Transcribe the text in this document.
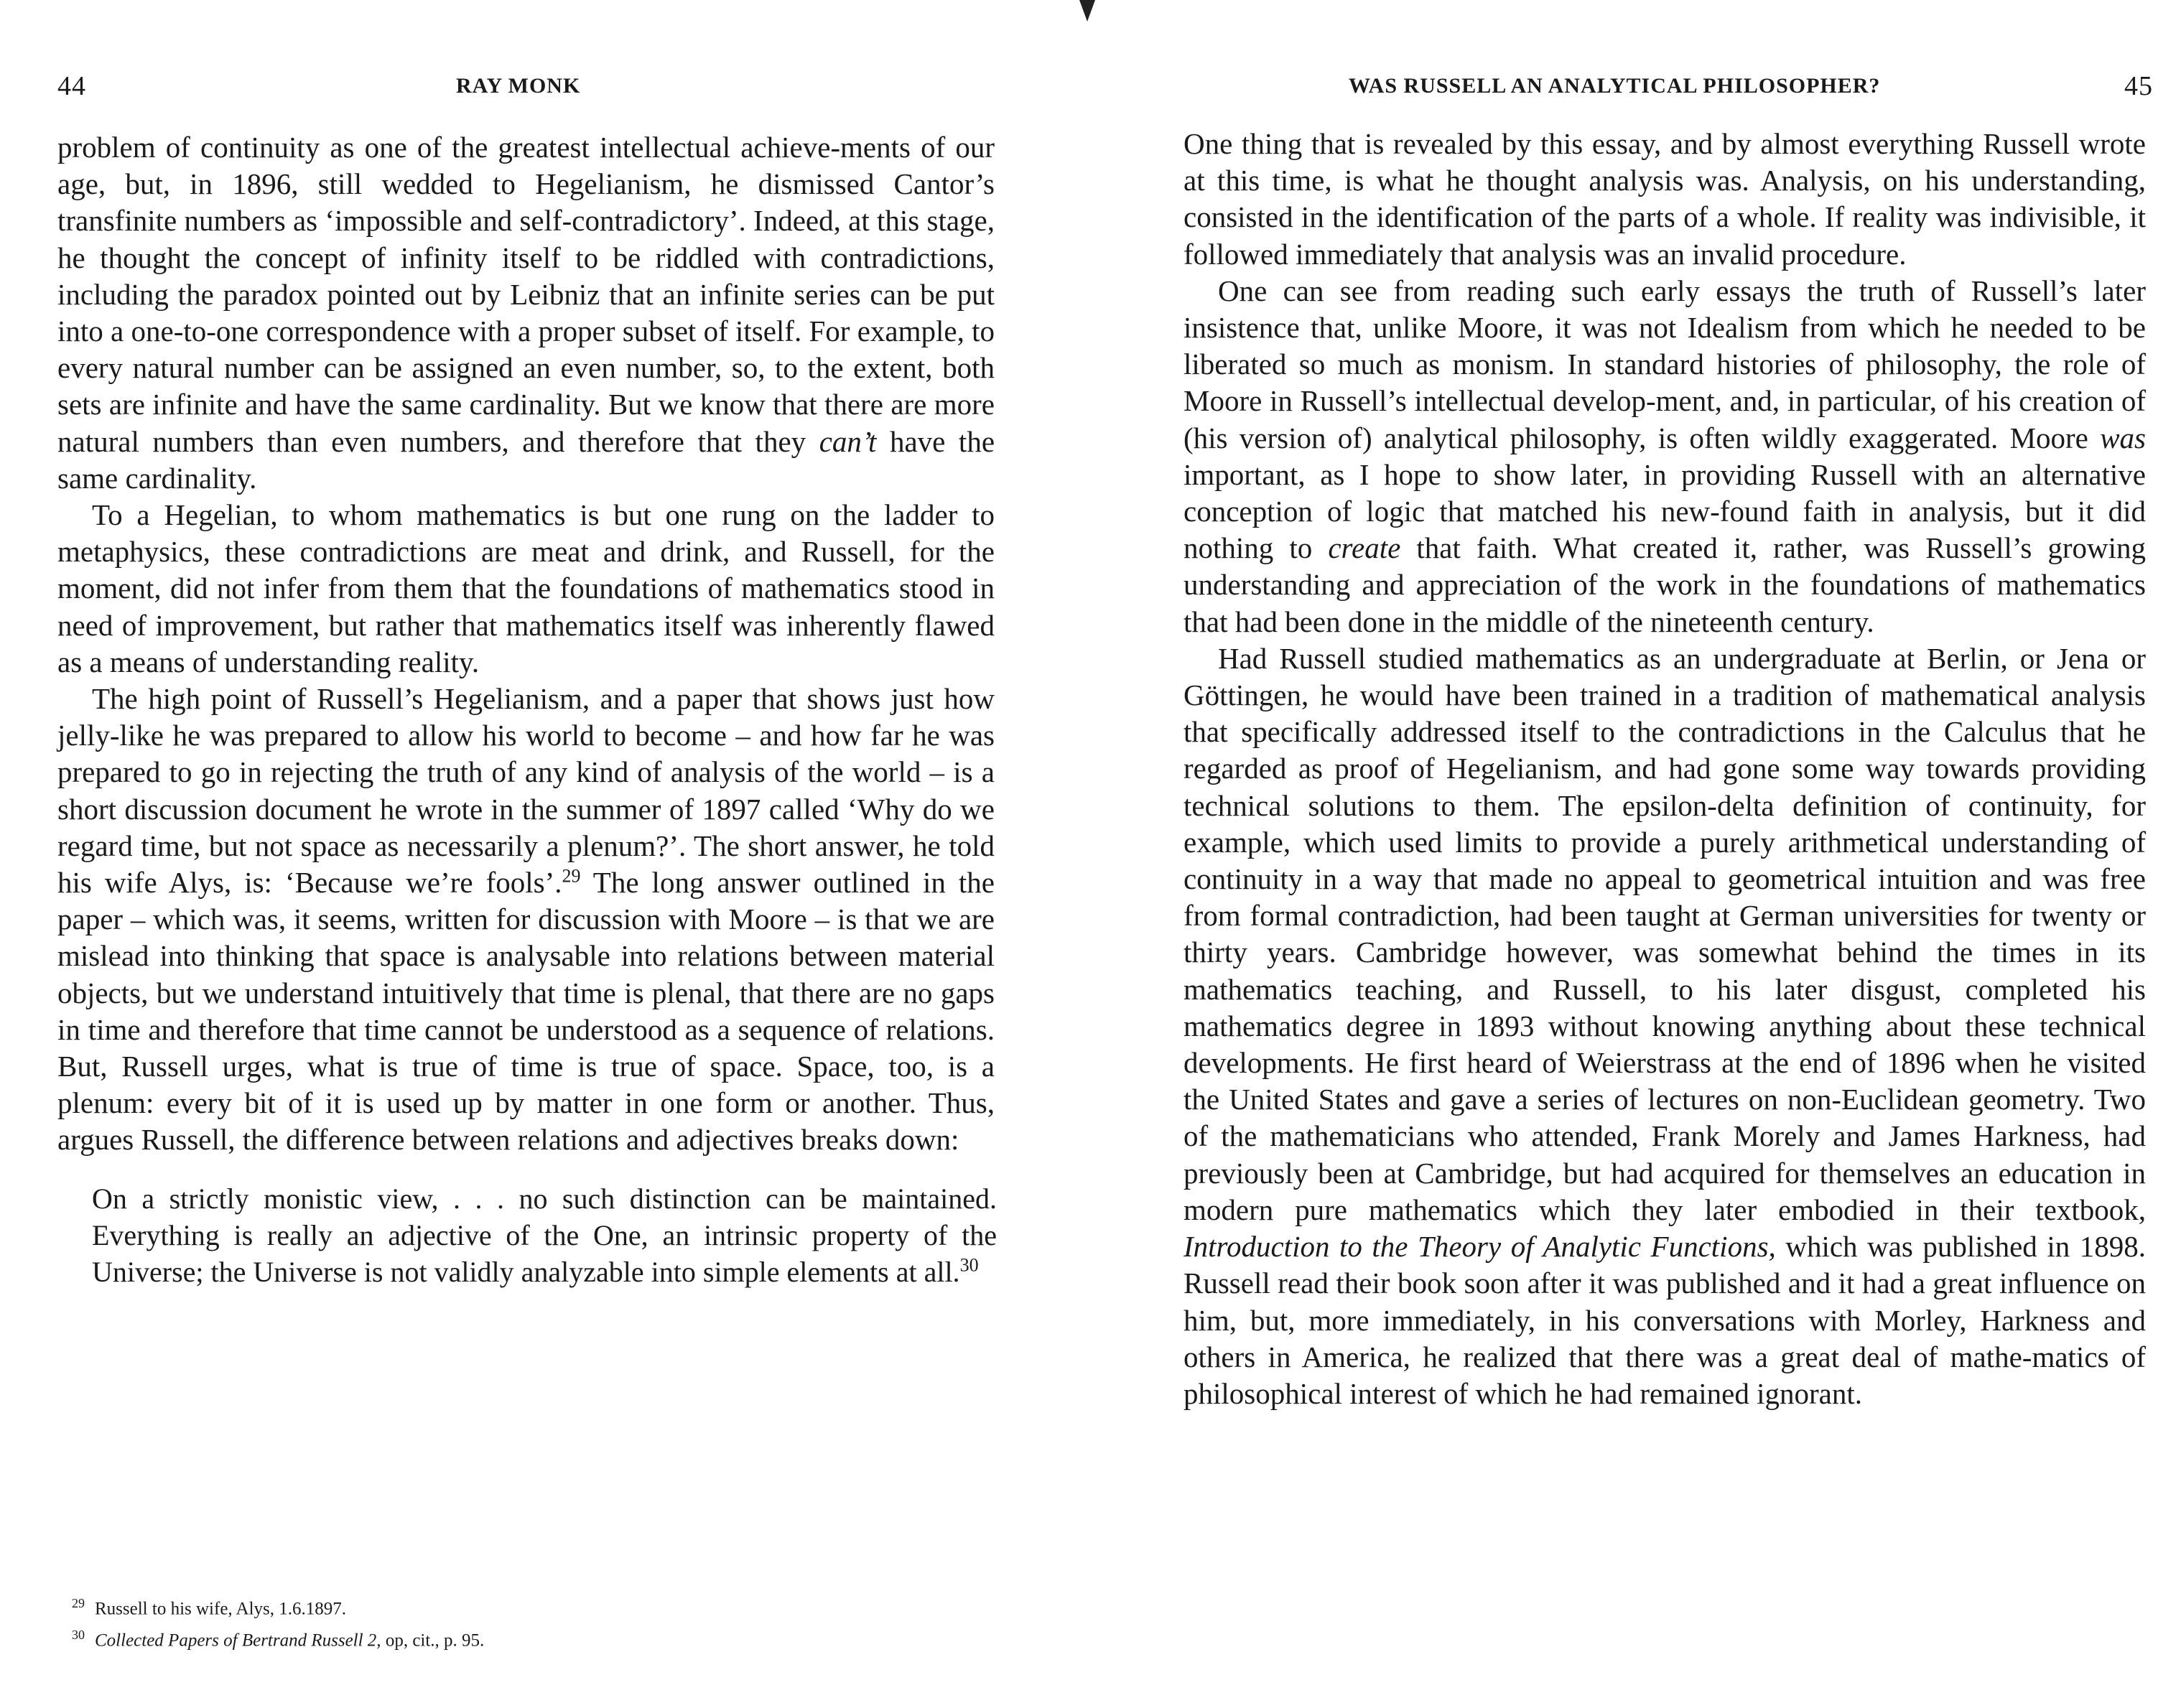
44	RAY MONK

problem of continuity as one of the greatest intellectual achieve-ments of our age, but, in 1896, still wedded to Hegelianism, he dismissed Cantor’s transfinite numbers as ‘impossible and self-contradictory’. Indeed, at this stage, he thought the concept of infinity itself to be riddled with contradictions, including the paradox pointed out by Leibniz that an infinite series can be put into a one-to-one correspondence with a proper subset of itself. For example, to every natural number can be assigned an even number, so, to the extent, both sets are infinite and have the same cardinality. But we know that there are more natural numbers than even numbers, and therefore that they can’t have the same cardinality.

To a Hegelian, to whom mathematics is but one rung on the ladder to metaphysics, these contradictions are meat and drink, and Russell, for the moment, did not infer from them that the foundations of mathematics stood in need of improvement, but rather that mathematics itself was inherently flawed as a means of understanding reality.

The high point of Russell’s Hegelianism, and a paper that shows just how jelly-like he was prepared to allow his world to become – and how far he was prepared to go in rejecting the truth of any kind of analysis of the world – is a short discussion document he wrote in the summer of 1897 called ‘Why do we regard time, but not space as necessarily a plenum?’. The short answer, he told his wife Alys, is: ‘Because we’re fools’.$^{29}$ The long answer outlined in the paper – which was, it seems, written for discussion with Moore – is that we are mislead into thinking that space is analysable into relations between material objects, but we understand intuitively that time is plenal, that there are no gaps in time and therefore that time cannot be understood as a sequence of relations. But, Russell urges, what is true of time is true of space. Space, too, is a plenum: every bit of it is used up by matter in one form or another. Thus, argues Russell, the difference between relations and adjectives breaks down:

On a strictly monistic view, . . . no such distinction can be maintained. Everything is really an adjective of the One, an intrinsic property of the Universe; the Universe is not validly analyzable into simple elements at all.$^{30}$
$^{29}$ Russell to his wife, Alys, 1.6.1897.
$^{30}$ Collected Papers of Bertrand Russell 2, op, cit., p. 95.
WAS RUSSELL AN ANALYTICAL PHILOSOPHER?	45

One thing that is revealed by this essay, and by almost everything Russell wrote at this time, is what he thought analysis was. Analysis, on his understanding, consisted in the identification of the parts of a whole. If reality was indivisible, it followed immediately that analysis was an invalid procedure.

One can see from reading such early essays the truth of Russell’s later insistence that, unlike Moore, it was not Idealism from which he needed to be liberated so much as monism. In standard histories of philosophy, the role of Moore in Russell’s intellectual develop-ment, and, in particular, of his creation of (his version of) analytical philosophy, is often wildly exaggerated. Moore was important, as I hope to show later, in providing Russell with an alternative conception of logic that matched his new-found faith in analysis, but it did nothing to create that faith. What created it, rather, was Russell’s growing understanding and appreciation of the work in the foundations of mathematics that had been done in the middle of the nineteenth century.

Had Russell studied mathematics as an undergraduate at Berlin, or Jena or Göttingen, he would have been trained in a tradition of mathematical analysis that specifically addressed itself to the contradictions in the Calculus that he regarded as proof of Hegelianism, and had gone some way towards providing technical solutions to them. The epsilon-delta definition of continuity, for example, which used limits to provide a purely arithmetical understanding of continuity in a way that made no appeal to geometrical intuition and was free from formal contradiction, had been taught at German universities for twenty or thirty years. Cambridge however, was somewhat behind the times in its mathematics teaching, and Russell, to his later disgust, completed his mathematics degree in 1893 without knowing anything about these technical developments. He first heard of Weierstrass at the end of 1896 when he visited the United States and gave a series of lectures on non-Euclidean geometry. Two of the mathematicians who attended, Frank Morely and James Harkness, had previously been at Cambridge, but had acquired for themselves an education in modern pure mathematics which they later embodied in their textbook, Introduction to the Theory of Analytic Functions, which was published in 1898. Russell read their book soon after it was published and it had a great influence on him, but, more immediately, in his conversations with Morley, Harkness and others in America, he realized that there was a great deal of mathe-matics of philosophical interest of which he had remained ignorant.
